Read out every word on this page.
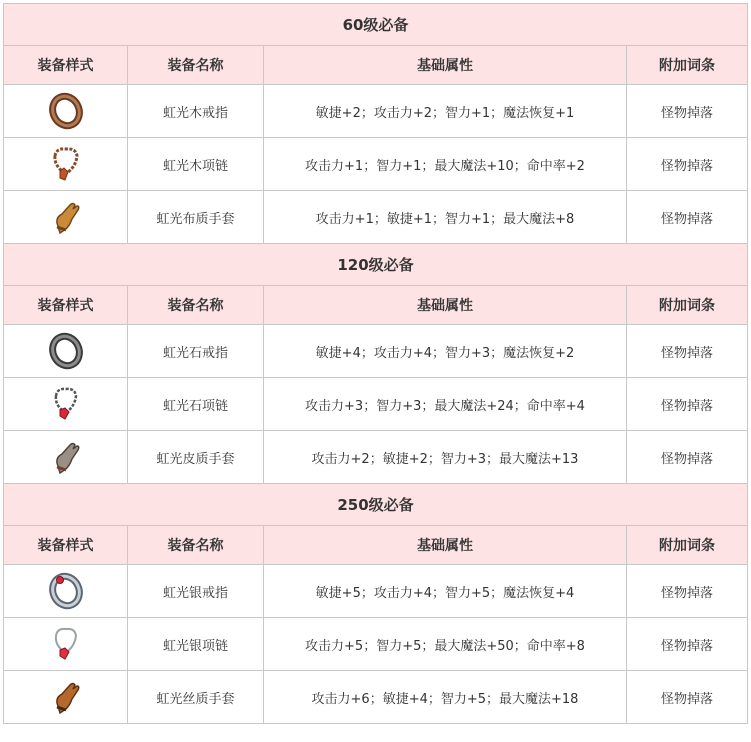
60级必备			
装备样式	装备名称	基础属性	附加词条

	虹光木戒指	敏捷+2；攻击力+2；智力+1；魔法恢复+1	怪物掉落

	虹光木项链	攻击力+1；智力+1；最大魔法+10；命中率+2	怪物掉落

	虹光布质手套	攻击力+1；敏捷+1；智力+1；最大魔法+8	怪物掉落
120级必备			
装备样式	装备名称	基础属性	附加词条

	虹光石戒指	敏捷+4；攻击力+4；智力+3；魔法恢复+2	怪物掉落

	虹光石项链	攻击力+3；智力+3；最大魔法+24；命中率+4	怪物掉落

	虹光皮质手套	攻击力+2；敏捷+2；智力+3；最大魔法+13	怪物掉落
250级必备			
装备样式	装备名称	基础属性	附加词条

	虹光银戒指	敏捷+5；攻击力+4；智力+5；魔法恢复+4	怪物掉落

	虹光银项链	攻击力+5；智力+5；最大魔法+50；命中率+8	怪物掉落

	虹光丝质手套	攻击力+6；敏捷+4；智力+5；最大魔法+18	怪物掉落
